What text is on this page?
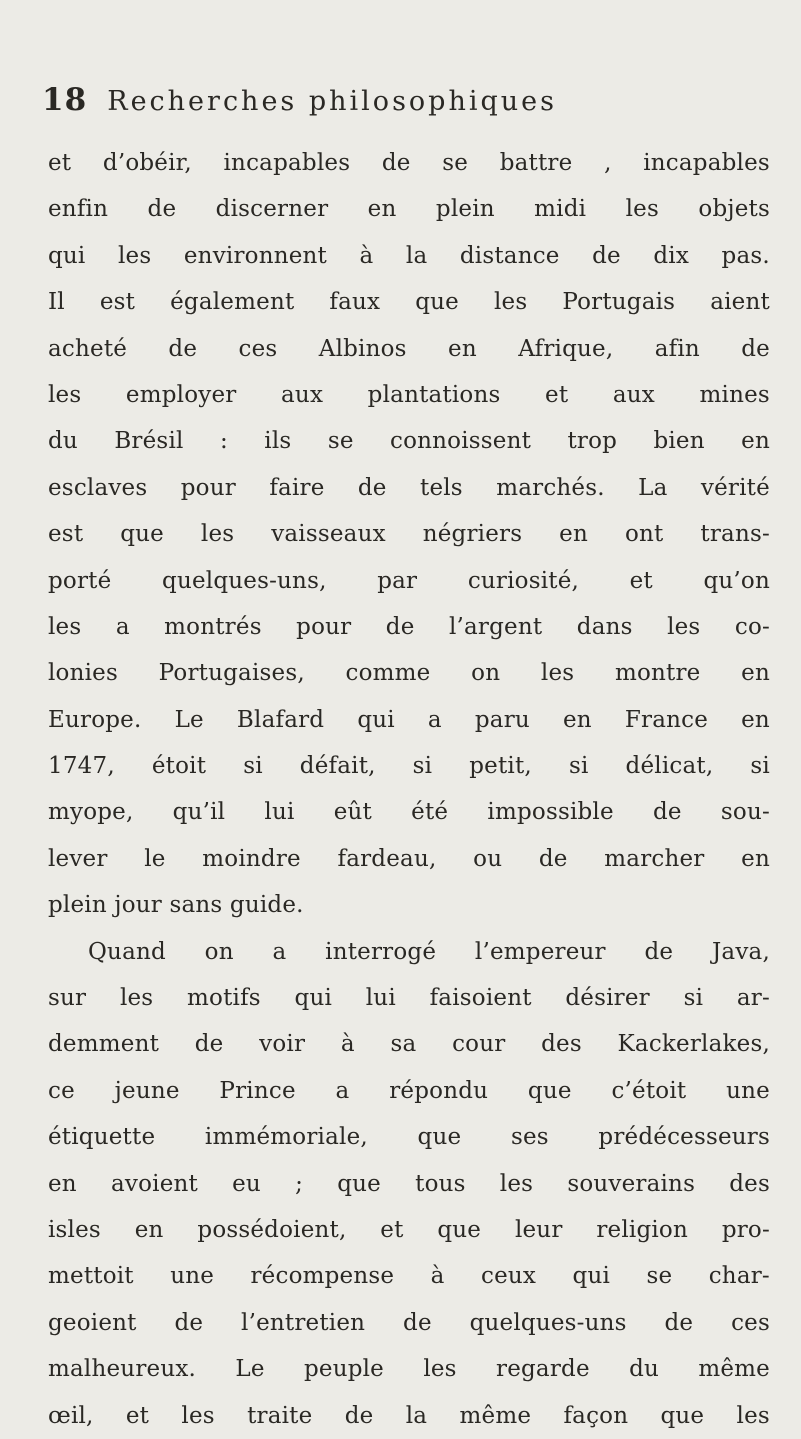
18 Recherches philosophiques
et d’obéir, incapables de se battre , incapables
enfin de discerner en plein midi les objets
qui les environnent à la distance de dix pas.
Il est également faux que les Portugais aient
acheté de ces Albinos en Afrique, afin de
les employer aux plantations et aux mines
du Brésil : ils se connoissent trop bien en
esclaves pour faire de tels marchés. La vérité
est que les vaisseaux négriers en ont trans-
porté quelques-uns, par curiosité, et qu’on
les a montrés pour de l’argent dans les co-
lonies Portugaises, comme on les montre en
Europe. Le Blafard qui a paru en France en
1747, étoit si défait, si petit, si délicat, si
myope, qu’il lui eût été impossible de sou-
lever le moindre fardeau, ou de marcher en
plein jour sans guide.
Quand on a interrogé l’empereur de Java,
sur les motifs qui lui faisoient désirer si ar-
demment de voir à sa cour des Kackerlakes,
ce jeune Prince a répondu que c’étoit une
étiquette immémoriale, que ses prédécesseurs
en avoient eu ; que tous les souverains des
isles en possédoient, et que leur religion pro-
mettoit une récompense à ceux qui se char-
geoient de l’entretien de quelques-uns de ces
malheureux. Le peuple les regarde du même
œil, et les traite de la même façon que les
